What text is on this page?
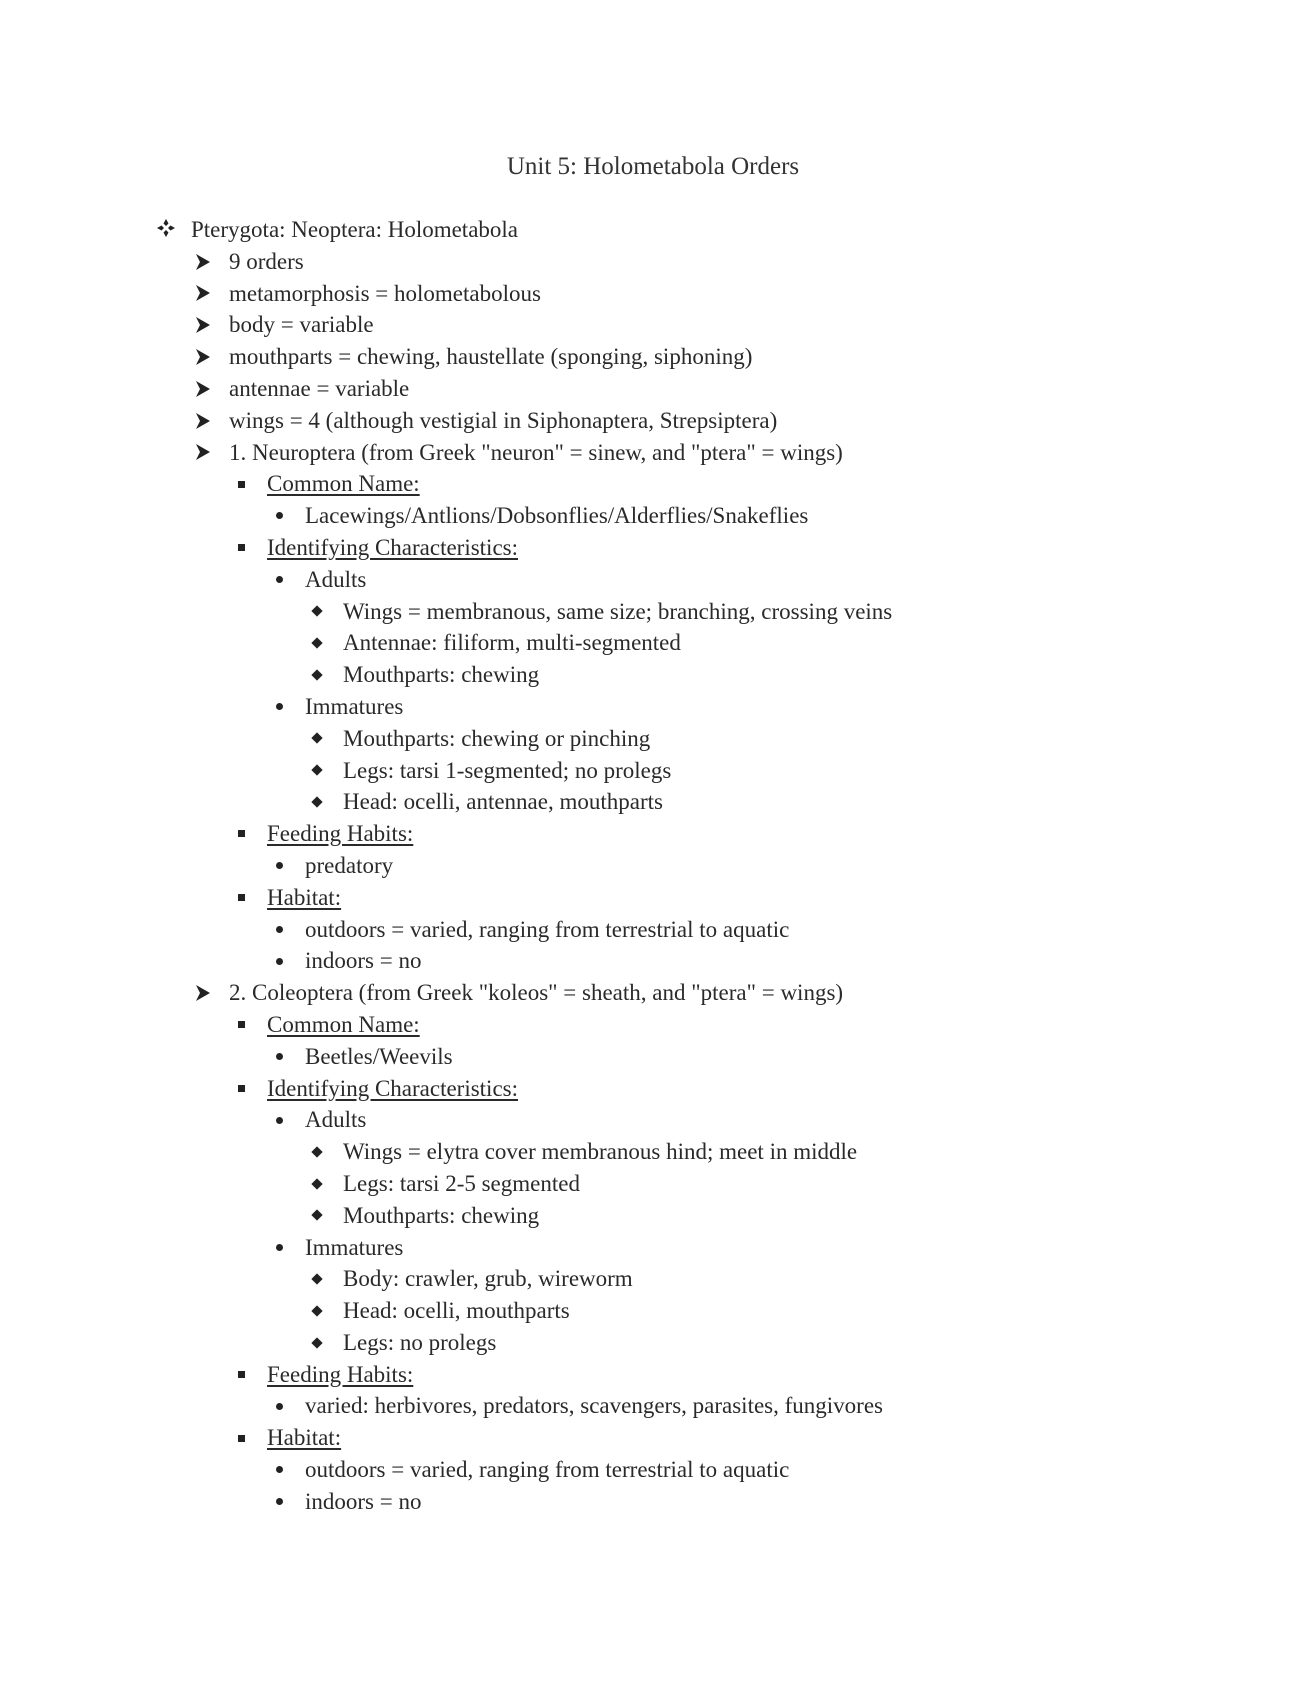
Unit 5: Holometabola Orders
Pterygota: Neoptera: Holometabola
9 orders
metamorphosis = holometabolous
body = variable
mouthparts = chewing, haustellate (sponging, siphoning)
antennae = variable
wings = 4 (although vestigial in Siphonaptera, Strepsiptera)
1. Neuroptera (from Greek "neuron" = sinew, and "ptera" = wings)
Common Name:
Lacewings/Antlions/Dobsonflies/Alderflies/Snakeflies
Identifying Characteristics:
Adults
Wings = membranous, same size; branching, crossing veins
Antennae: filiform, multi-segmented
Mouthparts: chewing
Immatures
Mouthparts: chewing or pinching
Legs: tarsi 1-segmented; no prolegs
Head: ocelli, antennae, mouthparts
Feeding Habits:
predatory
Habitat:
outdoors = varied, ranging from terrestrial to aquatic
indoors = no
2. Coleoptera (from Greek "koleos" = sheath, and "ptera" = wings)
Common Name:
Beetles/Weevils
Identifying Characteristics:
Adults
Wings = elytra cover membranous hind; meet in middle
Legs: tarsi 2-5 segmented
Mouthparts: chewing
Immatures
Body: crawler, grub, wireworm
Head: ocelli, mouthparts
Legs: no prolegs
Feeding Habits:
varied: herbivores, predators, scavengers, parasites, fungivores
Habitat:
outdoors = varied, ranging from terrestrial to aquatic
indoors = no
